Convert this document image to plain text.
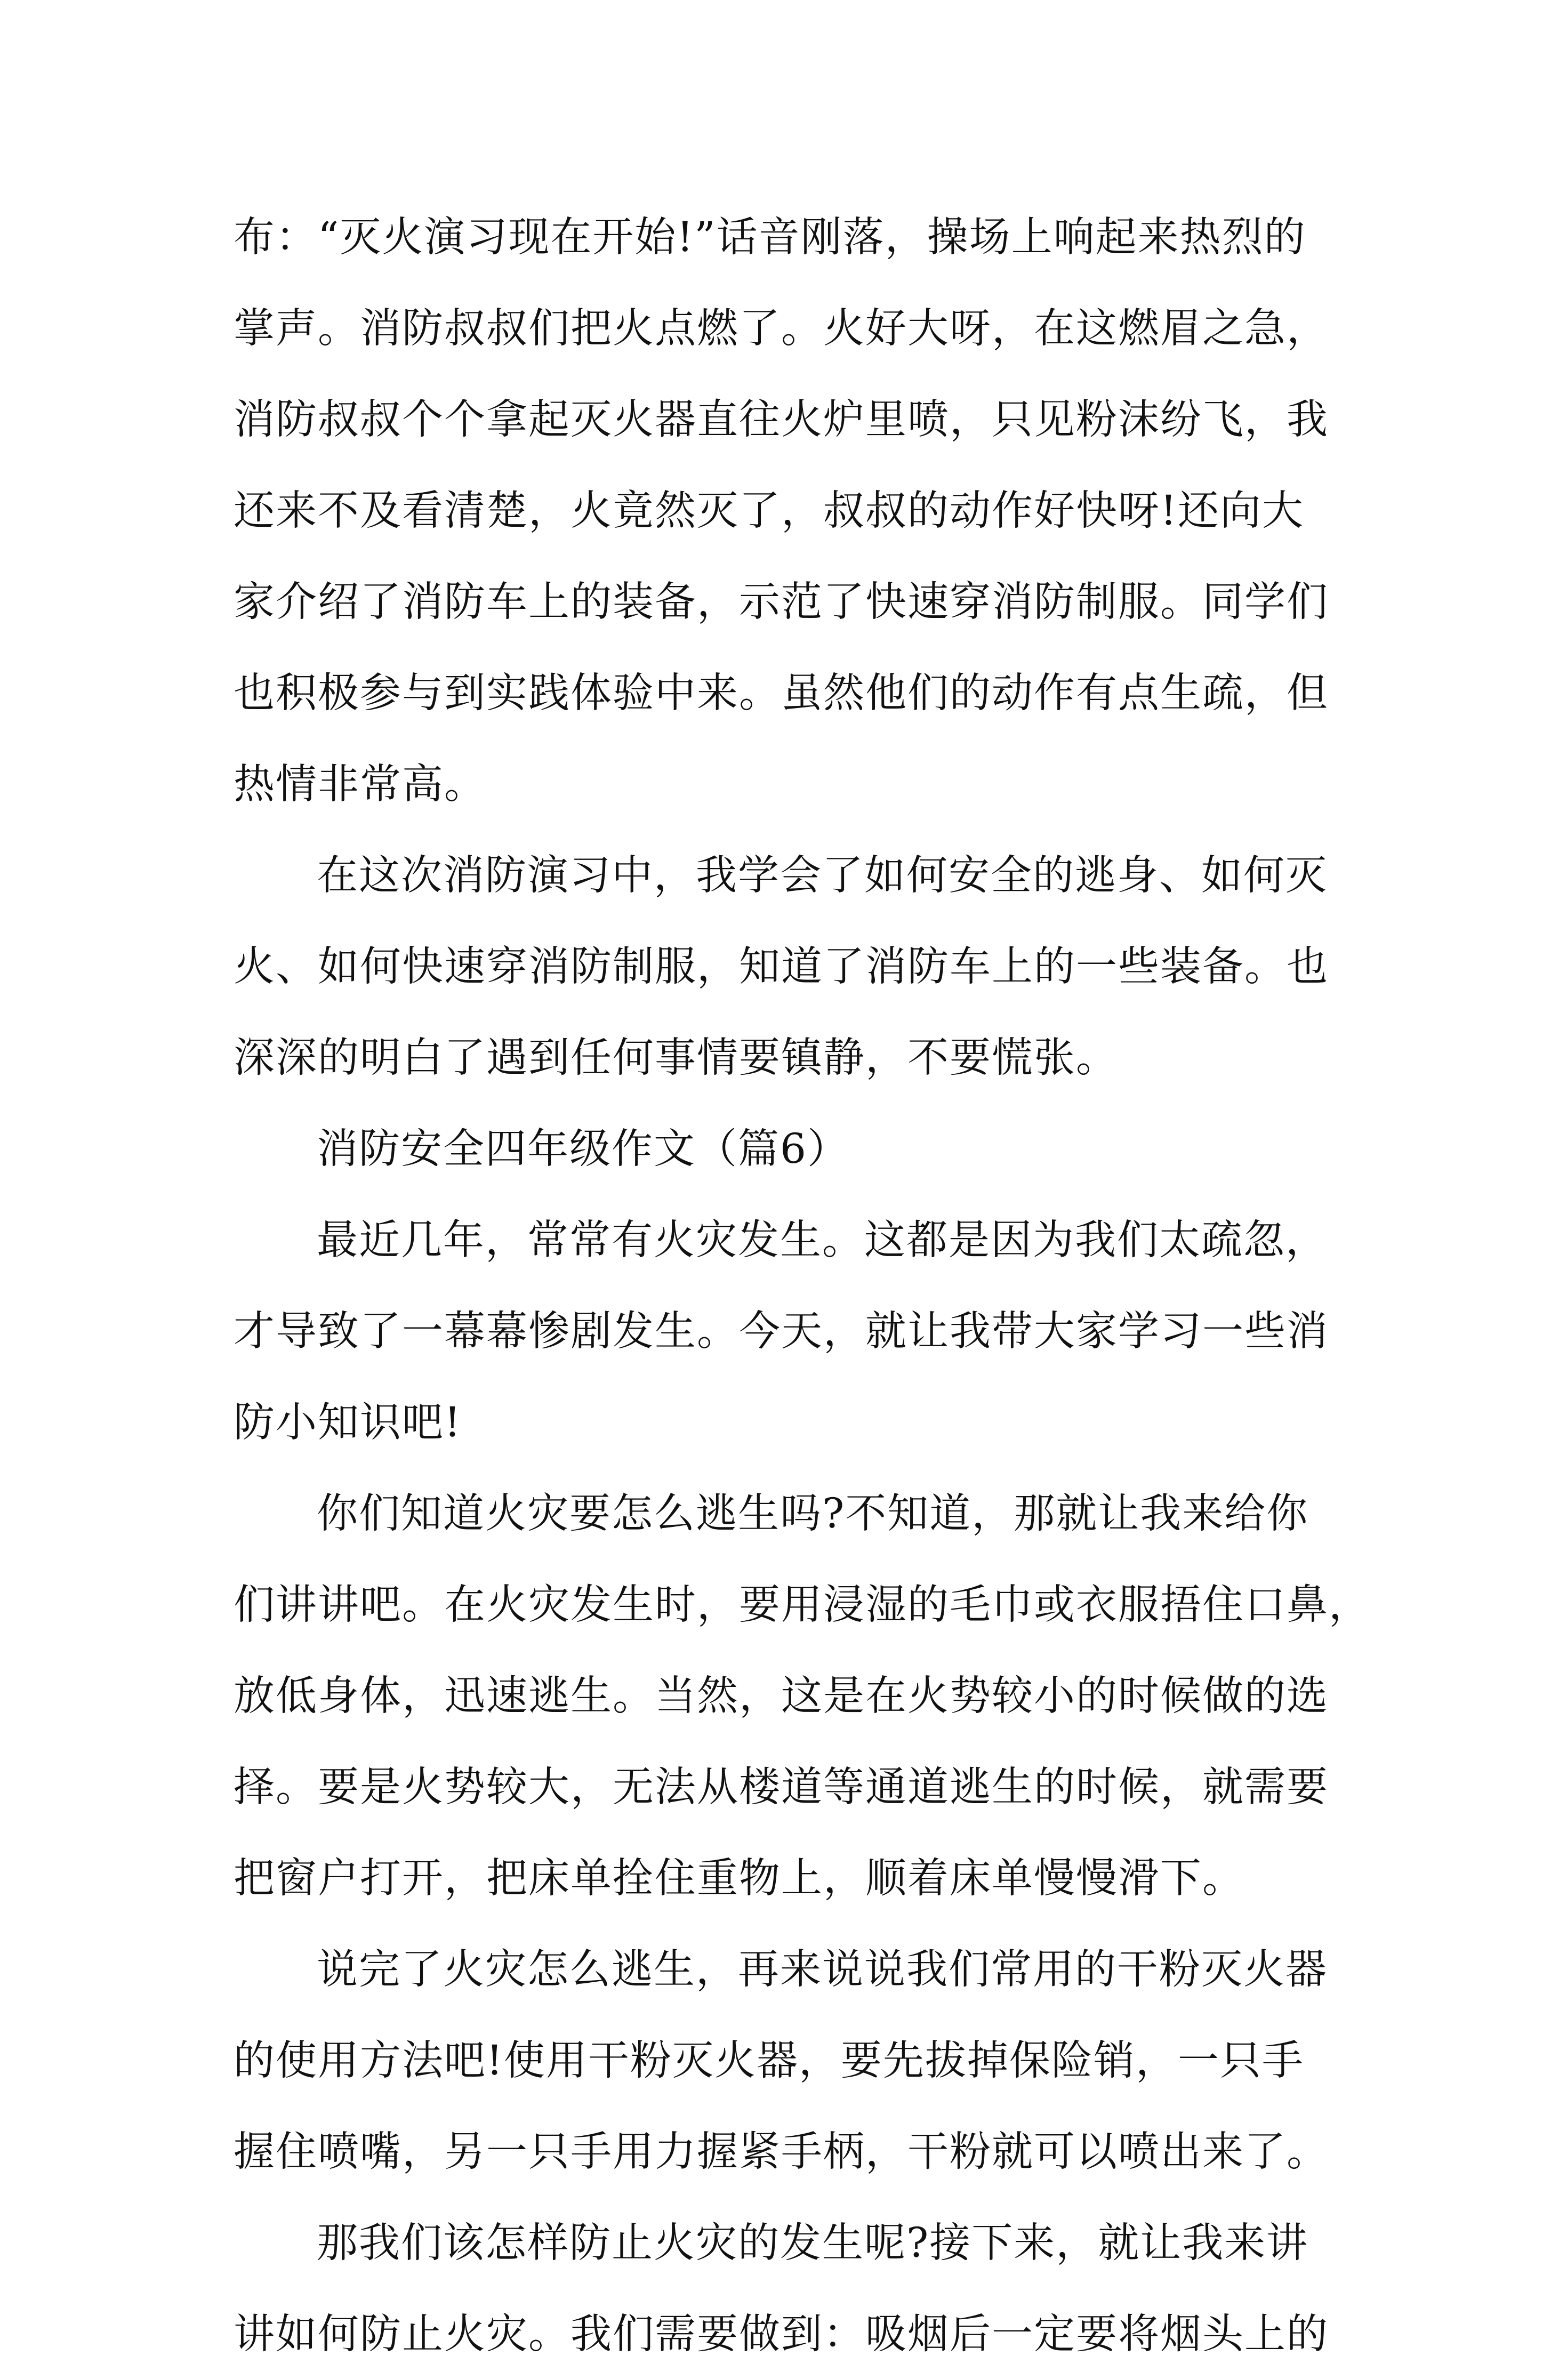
布：“灭火演习现在开始!”话音刚落，操场上响起来热烈的
掌声。消防叔叔们把火点燃了。火好大呀，在这燃眉之急，
消防叔叔个个拿起灭火器直往火炉里喷，只见粉沫纷飞，我
还来不及看清楚，火竟然灭了，叔叔的动作好快呀!还向大
家介绍了消防车上的装备，示范了快速穿消防制服。同学们
也积极参与到实践体验中来。虽然他们的动作有点生疏，但
热情非常高。
在这次消防演习中，我学会了如何安全的逃身、如何灭
火、如何快速穿消防制服，知道了消防车上的一些装备。也
深深的明白了遇到任何事情要镇静，不要慌张。
消防安全四年级作文（篇6）
最近几年，常常有火灾发生。这都是因为我们太疏忽，
才导致了一幕幕惨剧发生。今天，就让我带大家学习一些消
防小知识吧!
你们知道火灾要怎么逃生吗?不知道，那就让我来给你
们讲讲吧。在火灾发生时，要用浸湿的毛巾或衣服捂住口鼻，
放低身体，迅速逃生。当然，这是在火势较小的时候做的选
择。要是火势较大，无法从楼道等通道逃生的时候，就需要
把窗户打开，把床单拴住重物上，顺着床单慢慢滑下。
说完了火灾怎么逃生，再来说说我们常用的干粉灭火器
的使用方法吧!使用干粉灭火器，要先拔掉保险销，一只手
握住喷嘴，另一只手用力握紧手柄，干粉就可以喷出来了。
那我们该怎样防止火灾的发生呢?接下来，就让我来讲
讲如何防止火灾。我们需要做到：吸烟后一定要将烟头上的
